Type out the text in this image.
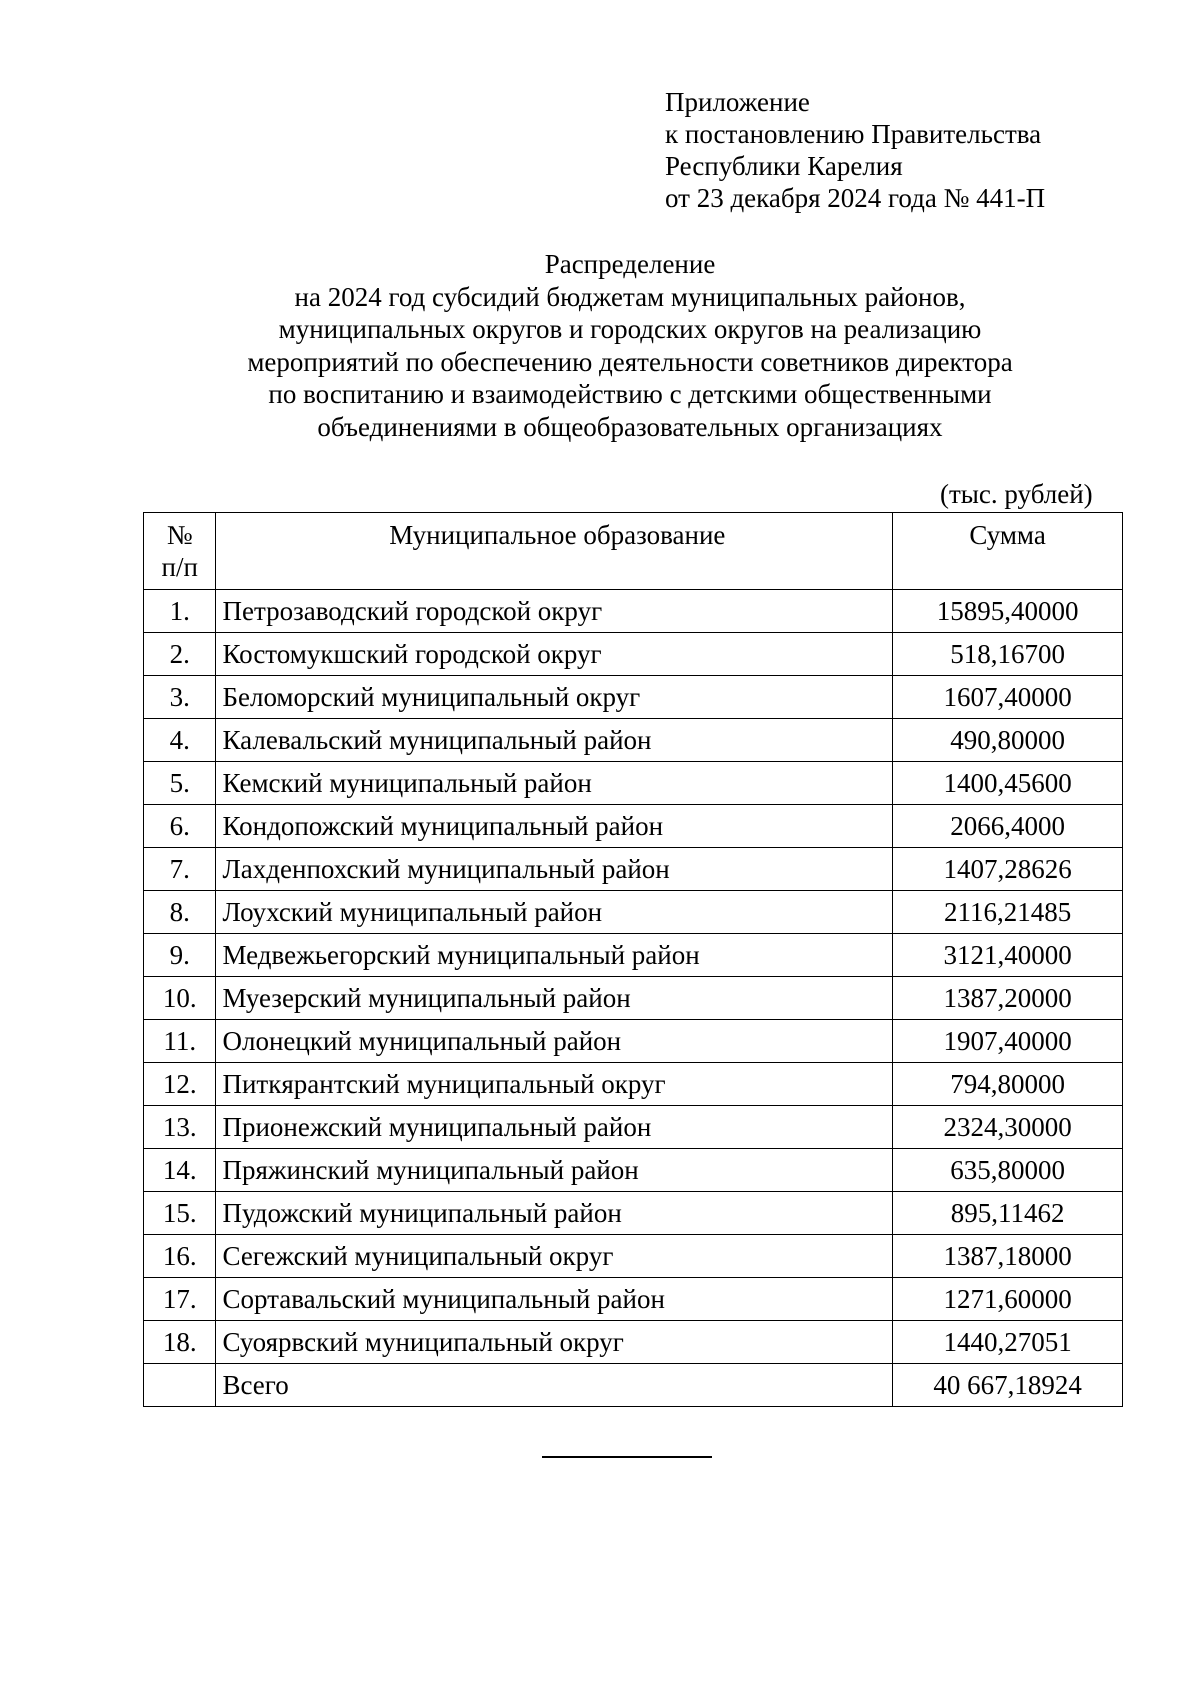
Приложение
к постановлению Правительства
Республики Карелия
от 23 декабря 2024 года № 441-П
Распределение
на 2024 год субсидий бюджетам муниципальных районов,
муниципальных округов и городских округов на реализацию
мероприятий по обеспечению деятельности советников директора
по воспитанию и взаимодействию с детскими общественными
объединениями в общеобразовательных организациях
(тыс. рублей)
№
п/п	Муниципальное образование	Сумма
1.	Петрозаводский городской округ	15895,40000
2.	Костомукшский городской округ	518,16700
3.	Беломорский муниципальный округ	1607,40000
4.	Калевальский муниципальный район	490,80000
5.	Кемский муниципальный район	1400,45600
6.	Кондопожский муниципальный район	2066,4000
7.	Лахденпохский муниципальный район	1407,28626
8.	Лоухский муниципальный район	2116,21485
9.	Медвежьегорский муниципальный район	3121,40000
10.	Муезерский муниципальный район	1387,20000
11.	Олонецкий муниципальный район	1907,40000
12.	Питкярантский муниципальный округ	794,80000
13.	Прионежский муниципальный район	2324,30000
14.	Пряжинский муниципальный район	635,80000
15.	Пудожский муниципальный район	895,11462
16.	Сегежский муниципальный округ	1387,18000
17.	Сортавальский муниципальный район	1271,60000
18.	Суоярвский муниципальный округ	1440,27051
	Всего	40 667,18924
